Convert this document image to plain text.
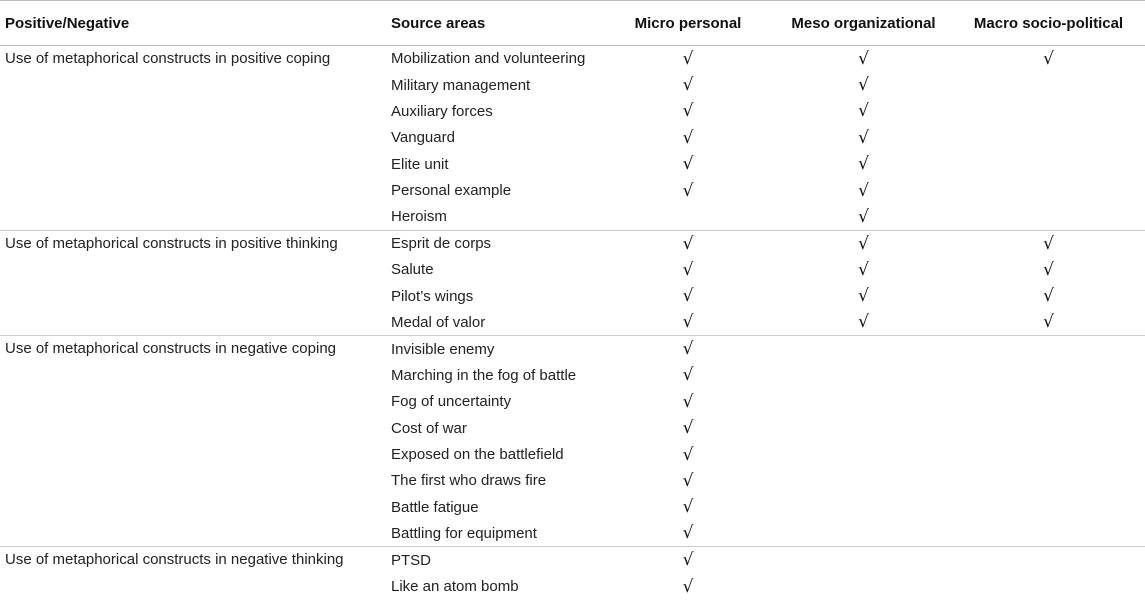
Positive/Negative	Source areas	Micro personal	Meso organizational	Macro socio-political
Use of metaphorical constructs in positive coping	Mobilization and volunteering	√	√	√
	Military management	√	√	
	Auxiliary forces	√	√	
	Vanguard	√	√	
	Elite unit	√	√	
	Personal example	√	√	
	Heroism		√	
Use of metaphorical constructs in positive thinking	Esprit de corps	√	√	√
	Salute	√	√	√
	Pilot’s wings	√	√	√
	Medal of valor	√	√	√
Use of metaphorical constructs in negative coping	Invisible enemy	√		
	Marching in the fog of battle	√		
	Fog of uncertainty	√		
	Cost of war	√		
	Exposed on the battlefield	√		
	The first who draws fire	√		
	Battle fatigue	√		
	Battling for equipment	√		
Use of metaphorical constructs in negative thinking	PTSD	√		
	Like an atom bomb	√		
